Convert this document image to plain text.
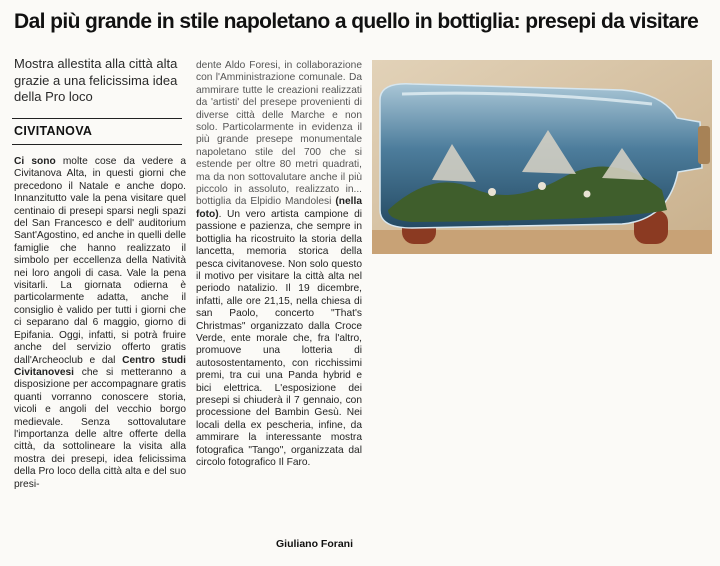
Dal più grande in stile napoletano a quello in bottiglia: presepi da visitare
Mostra allestita alla città alta grazie a una felicissima idea della Pro loco
CIVITANOVA

Ci sono molte cose da vedere a Civitanova Alta, in questi giorni che precedono il Natale e anche dopo. Innanzitutto vale la pena visitare quel centinaio di presepi sparsi negli spazi del San Francesco e dell' auditorium Sant'Agostino, ed anche in quelli delle famiglie che hanno realizzato il simbolo per eccellenza della Natività nei loro angoli di casa. Vale la pena visitarli. La giornata odierna è particolarmente adatta, anche il consiglio è valido per tutti i giorni che ci separano dal 6 maggio, giorno di Epifania. Oggi, infatti, si potrà fruire anche del servizio offerto gratis dall'Archeoclub e dal Centro studi Civitanovesi che si metteranno a disposizione per accompagnare gratis quanti vorranno conoscere storia, vicoli e angoli del vecchio borgo medievale. Senza sottovalutare l'importanza delle altre offerte della città, da sottolineare la visita alla mostra dei presepi, idea felicissima della Pro loco della città alta e del suo presi-

dente Aldo Foresi, in collaborazione con l'Amministrazione comunale. Da ammirare tutte le creazioni realizzati da 'artisti' del presepe provenienti di diverse città delle Marche e non solo. Particolarmente in evidenza il più grande presepe monumentale napoletano stile del 700 che si estende per oltre 80 metri quadrati, ma da non sottovalutare anche il più piccolo in assoluto, realizzato in... bottiglia da Elpidio Mandolesi (nella foto). Un vero artista campione di passione e pazienza, che sempre in bottiglia ha ricostruito la storia della lancetta, memoria storica della pesca civitanovese. Non solo questo il motivo per visitare la città alta nel periodo natalizio. Il 19 dicembre, infatti, alle ore 21,15, nella chiesa di san Paolo, concerto "That's Christmas" organizzato dalla Croce Verde, ente morale che, fra l'altro, promuove una lotteria di autosostentamento, con ricchissimi premi, tra cui una Panda hybrid e bici elettrica. L'esposizione dei presepi si chiuderà il 7 gennaio, con processione del Bambin Gesù. Nei locali della ex pescheria, infine, da ammirare la interessante mostra fotografica "Tango", organizzata dal circolo fotografico Il Faro.

Giuliano Forani
